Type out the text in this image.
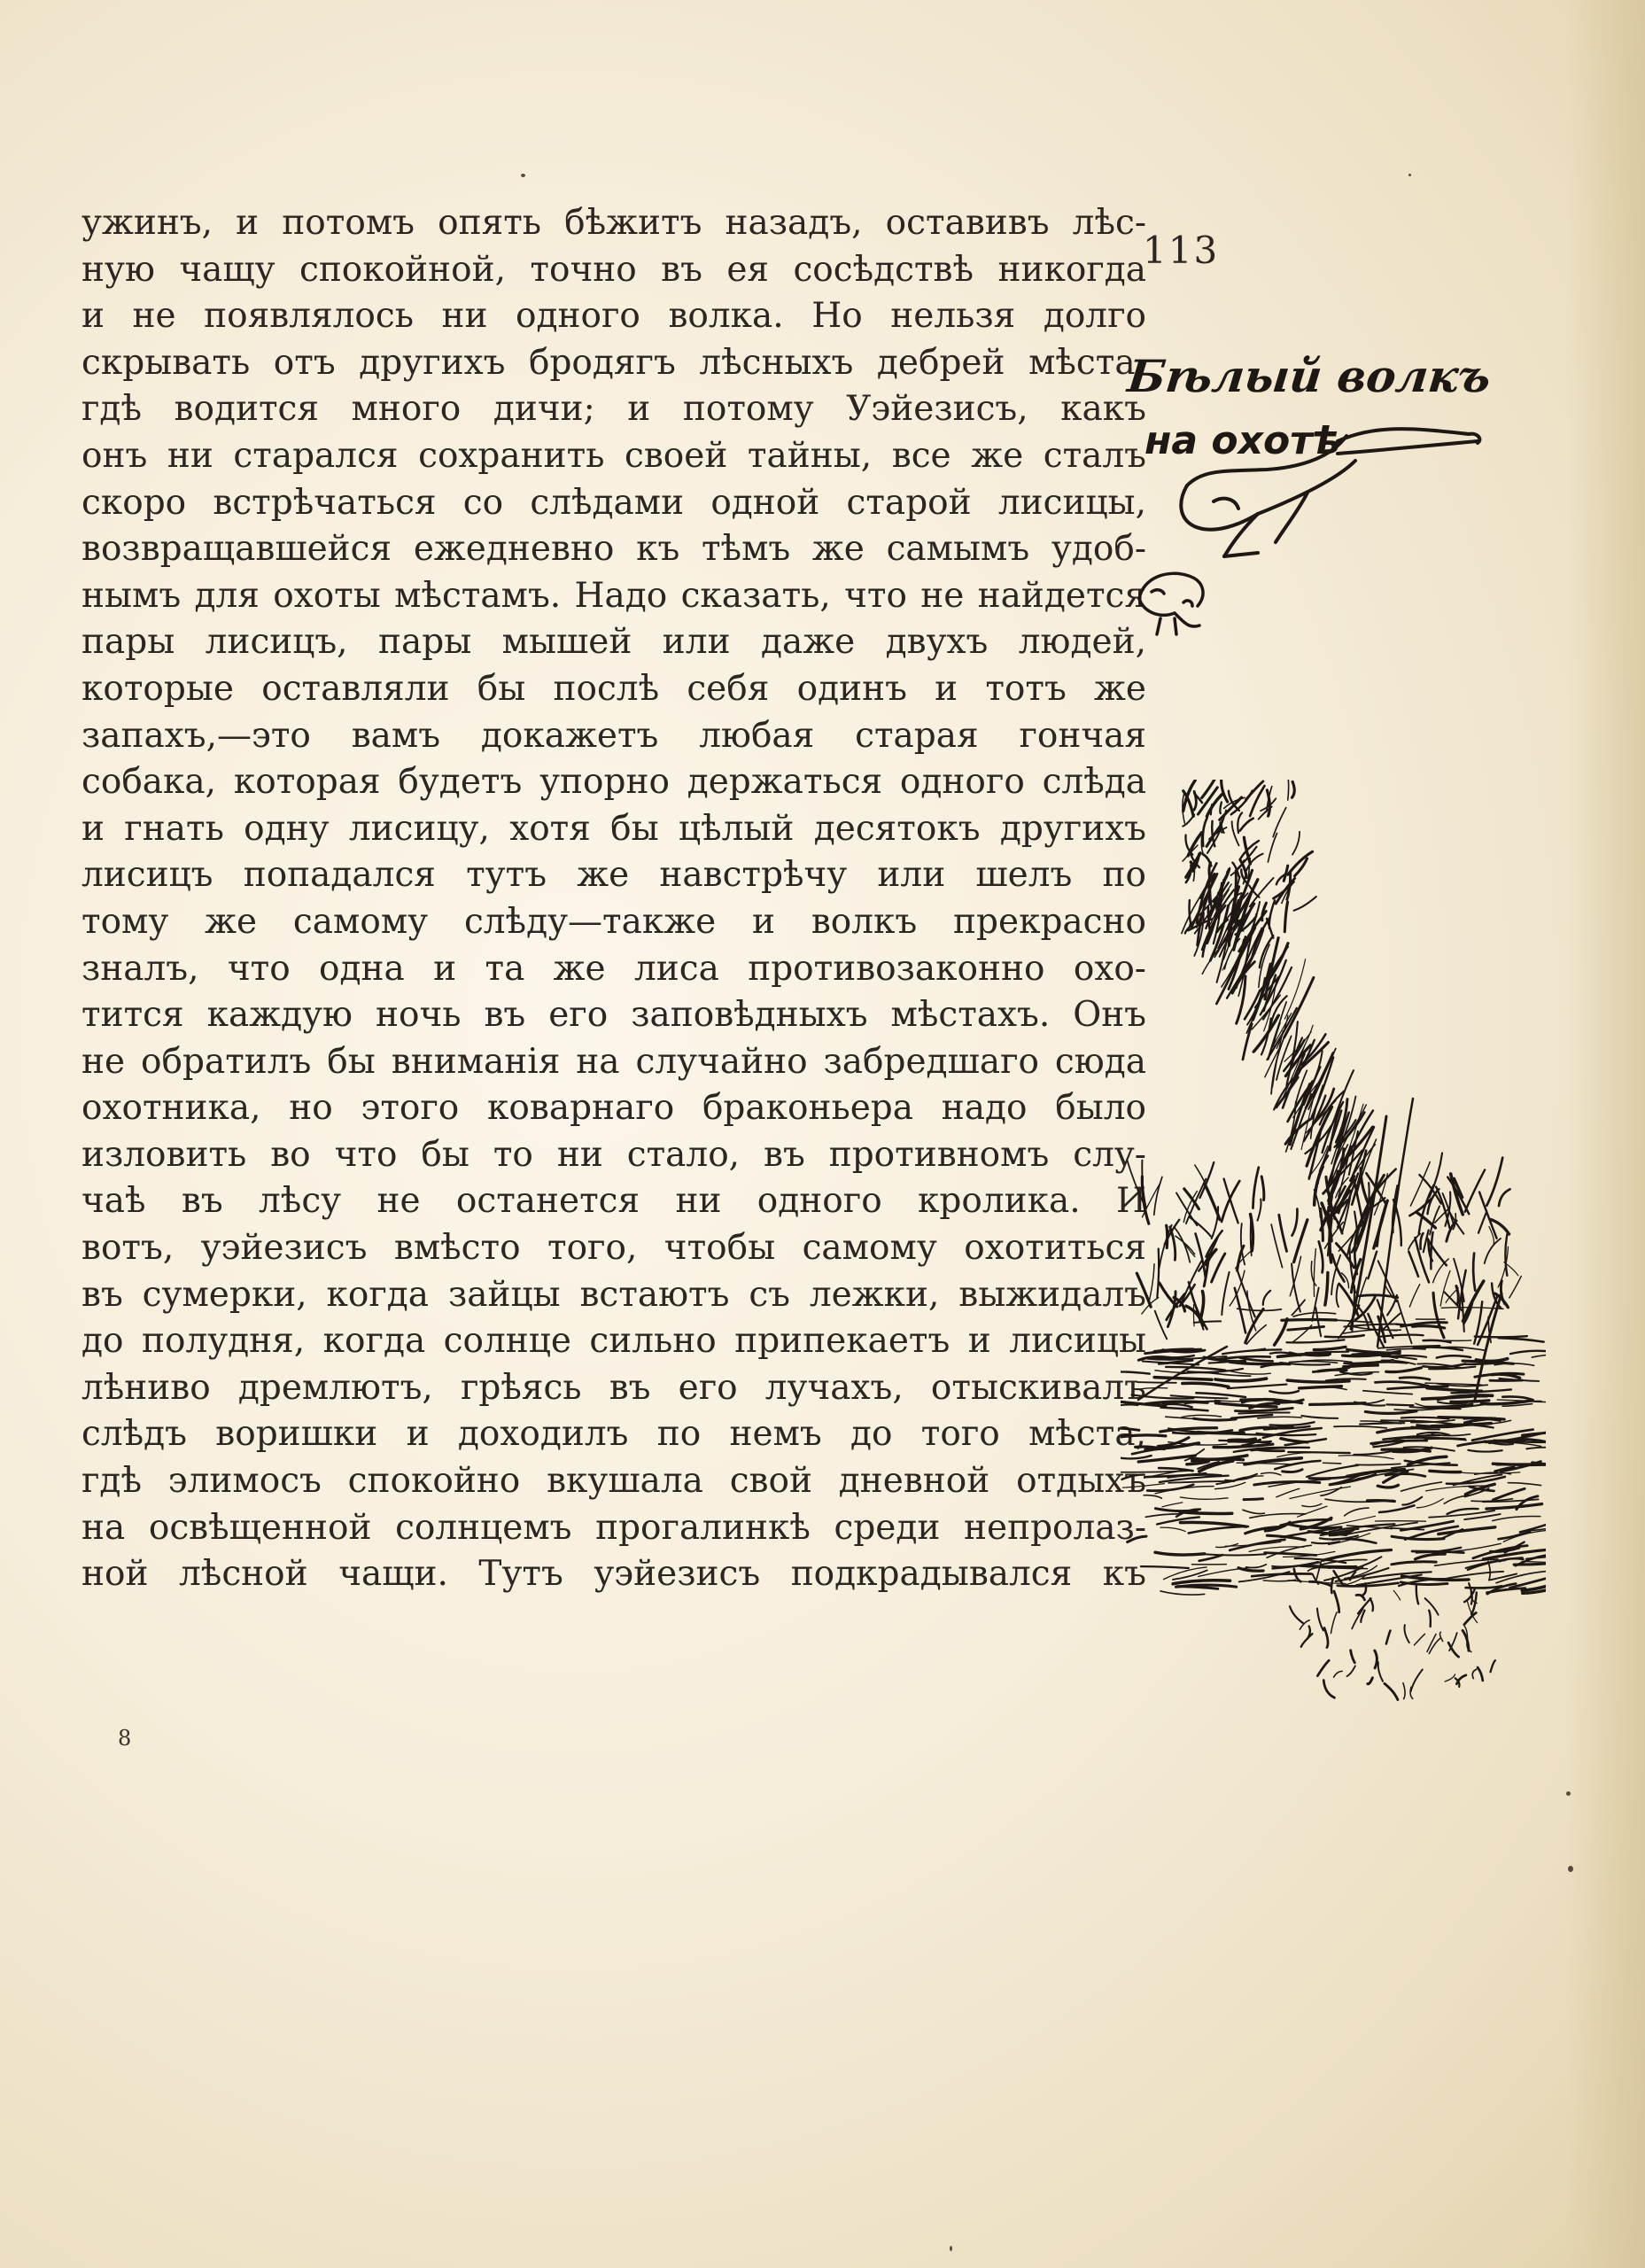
113
ужинъ, и потомъ опять бѣжитъ назадъ, оставивъ лѣс-
ную чащу спокойной, точно въ ея сосѣдствѣ никогда
и не появлялось ни одного волка. Но нельзя долго
скрывать отъ другихъ бродягъ лѣсныхъ дебрей мѣста,
гдѣ водится много дичи; и потому Уэйезисъ, какъ
онъ ни старался сохранить своей тайны, все же сталъ
скоро встрѣчаться со слѣдами одной старой лисицы,
возвращавшейся ежедневно къ тѣмъ же самымъ удоб-
нымъ для охоты мѣстамъ. Надо сказать, что не найдется
пары лисицъ, пары мышей или даже двухъ людей,
которые оставляли бы послѣ себя одинъ и тотъ же
запахъ,—это вамъ докажетъ любая старая гончая
собака, которая будетъ упорно держаться одного слѣда
и гнать одну лисицу, хотя бы цѣлый десятокъ другихъ
лисицъ попадался тутъ же навстрѣчу или шелъ по
тому же самому слѣду—также и волкъ прекрасно
зналъ, что одна и та же лиса противозаконно охо-
тится каждую ночь въ его заповѣдныхъ мѣстахъ. Онъ
не обратилъ бы вниманія на случайно забредшаго сюда
охотника, но этого коварнаго браконьера надо было
изловить во что бы то ни стало, въ противномъ слу-
чаѣ въ лѣсу не останется ни одного кролика. И
вотъ, уэйезисъ вмѣсто того, чтобы самому охотиться
въ сумерки, когда зайцы встаютъ съ лежки, выжидалъ
до полудня, когда солнце сильно припекаетъ и лисицы
лѣниво дремлютъ, грѣясь въ его лучахъ, отыскивалъ
слѣдъ воришки и доходилъ по немъ до того мѣста,
гдѣ элимосъ спокойно вкушала свой дневной отдыхъ
на освѣщенной солнцемъ прогалинкѣ среди непролаз-
ной лѣсной чащи. Тутъ уэйезисъ подкрадывался къ
Бѣлый волкъ
на охотѣ
8
